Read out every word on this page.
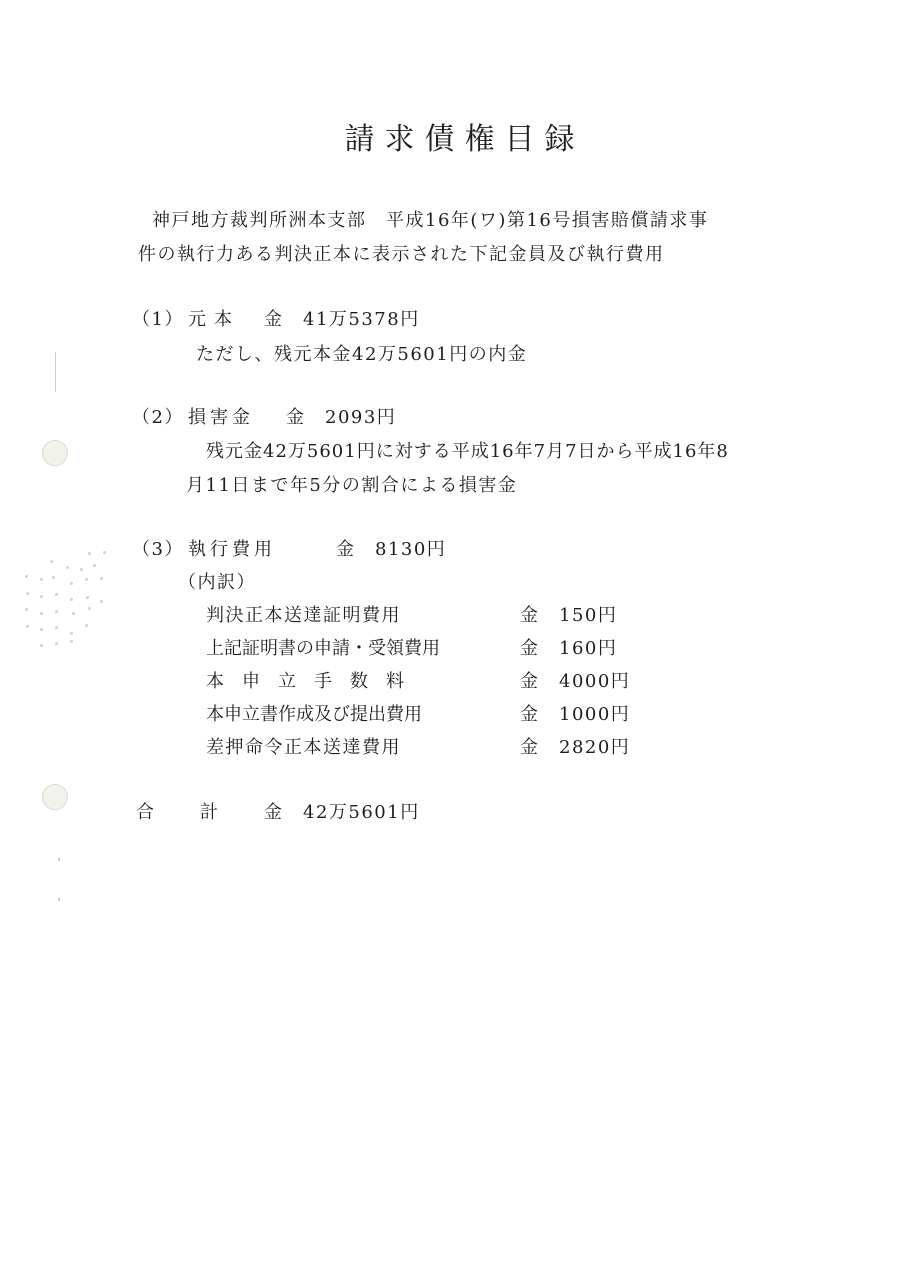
請求債権目録
神戸地方裁判所洲本支部　平成16年(ワ)第16号損害賠償請求事
件の執行力ある判決正本に表示された下記金員及び執行費用
（1） 元本 金　41万5378円
ただし、残元本金42万5601円の内金
（2） 損害金 金　2093円
残元金42万5601円に対する平成16年7月7日から平成16年8
月11日まで年5分の割合による損害金
（3） 執行費用	金　8130円
（内訳）
判決正本送達証明費用	金　150円
上記証明書の申請・受領費用	金　160円
本　申　立　手　数　料	金　4000円
本申立書作成及び提出費用	金　1000円
差押命令正本送達費用	金　2820円
合　計 金　42万5601円
